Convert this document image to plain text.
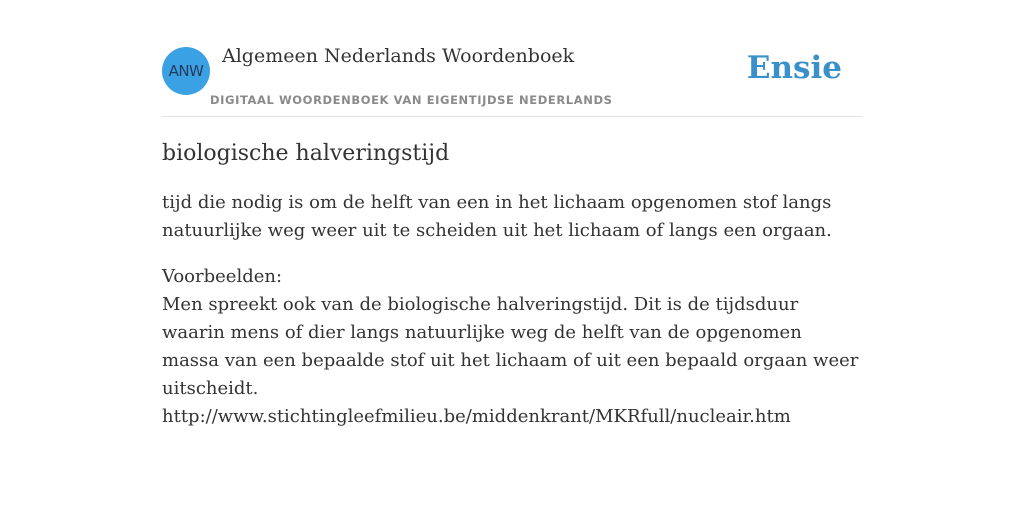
ANW
Algemeen Nederlands Woordenboek
DIGITAAL WOORDENBOEK VAN EIGENTIJDSE NEDERLANDS
Ensie
biologische halveringstijd

tijd die nodig is om de helft van een in het lichaam opgenomen stof langs natuurlijke weg weer uit te scheiden uit het lichaam of langs een orgaan.

Voorbeelden:
Men spreekt ook van de biologische halveringstijd. Dit is de tijdsduur waarin mens of dier langs natuurlijke weg de helft van de opgenomen massa van een bepaalde stof uit het lichaam of uit een bepaald orgaan weer uitscheidt.
http://www.stichtingleefmilieu.be/middenkrant/MKRfull/nucleair.htm
